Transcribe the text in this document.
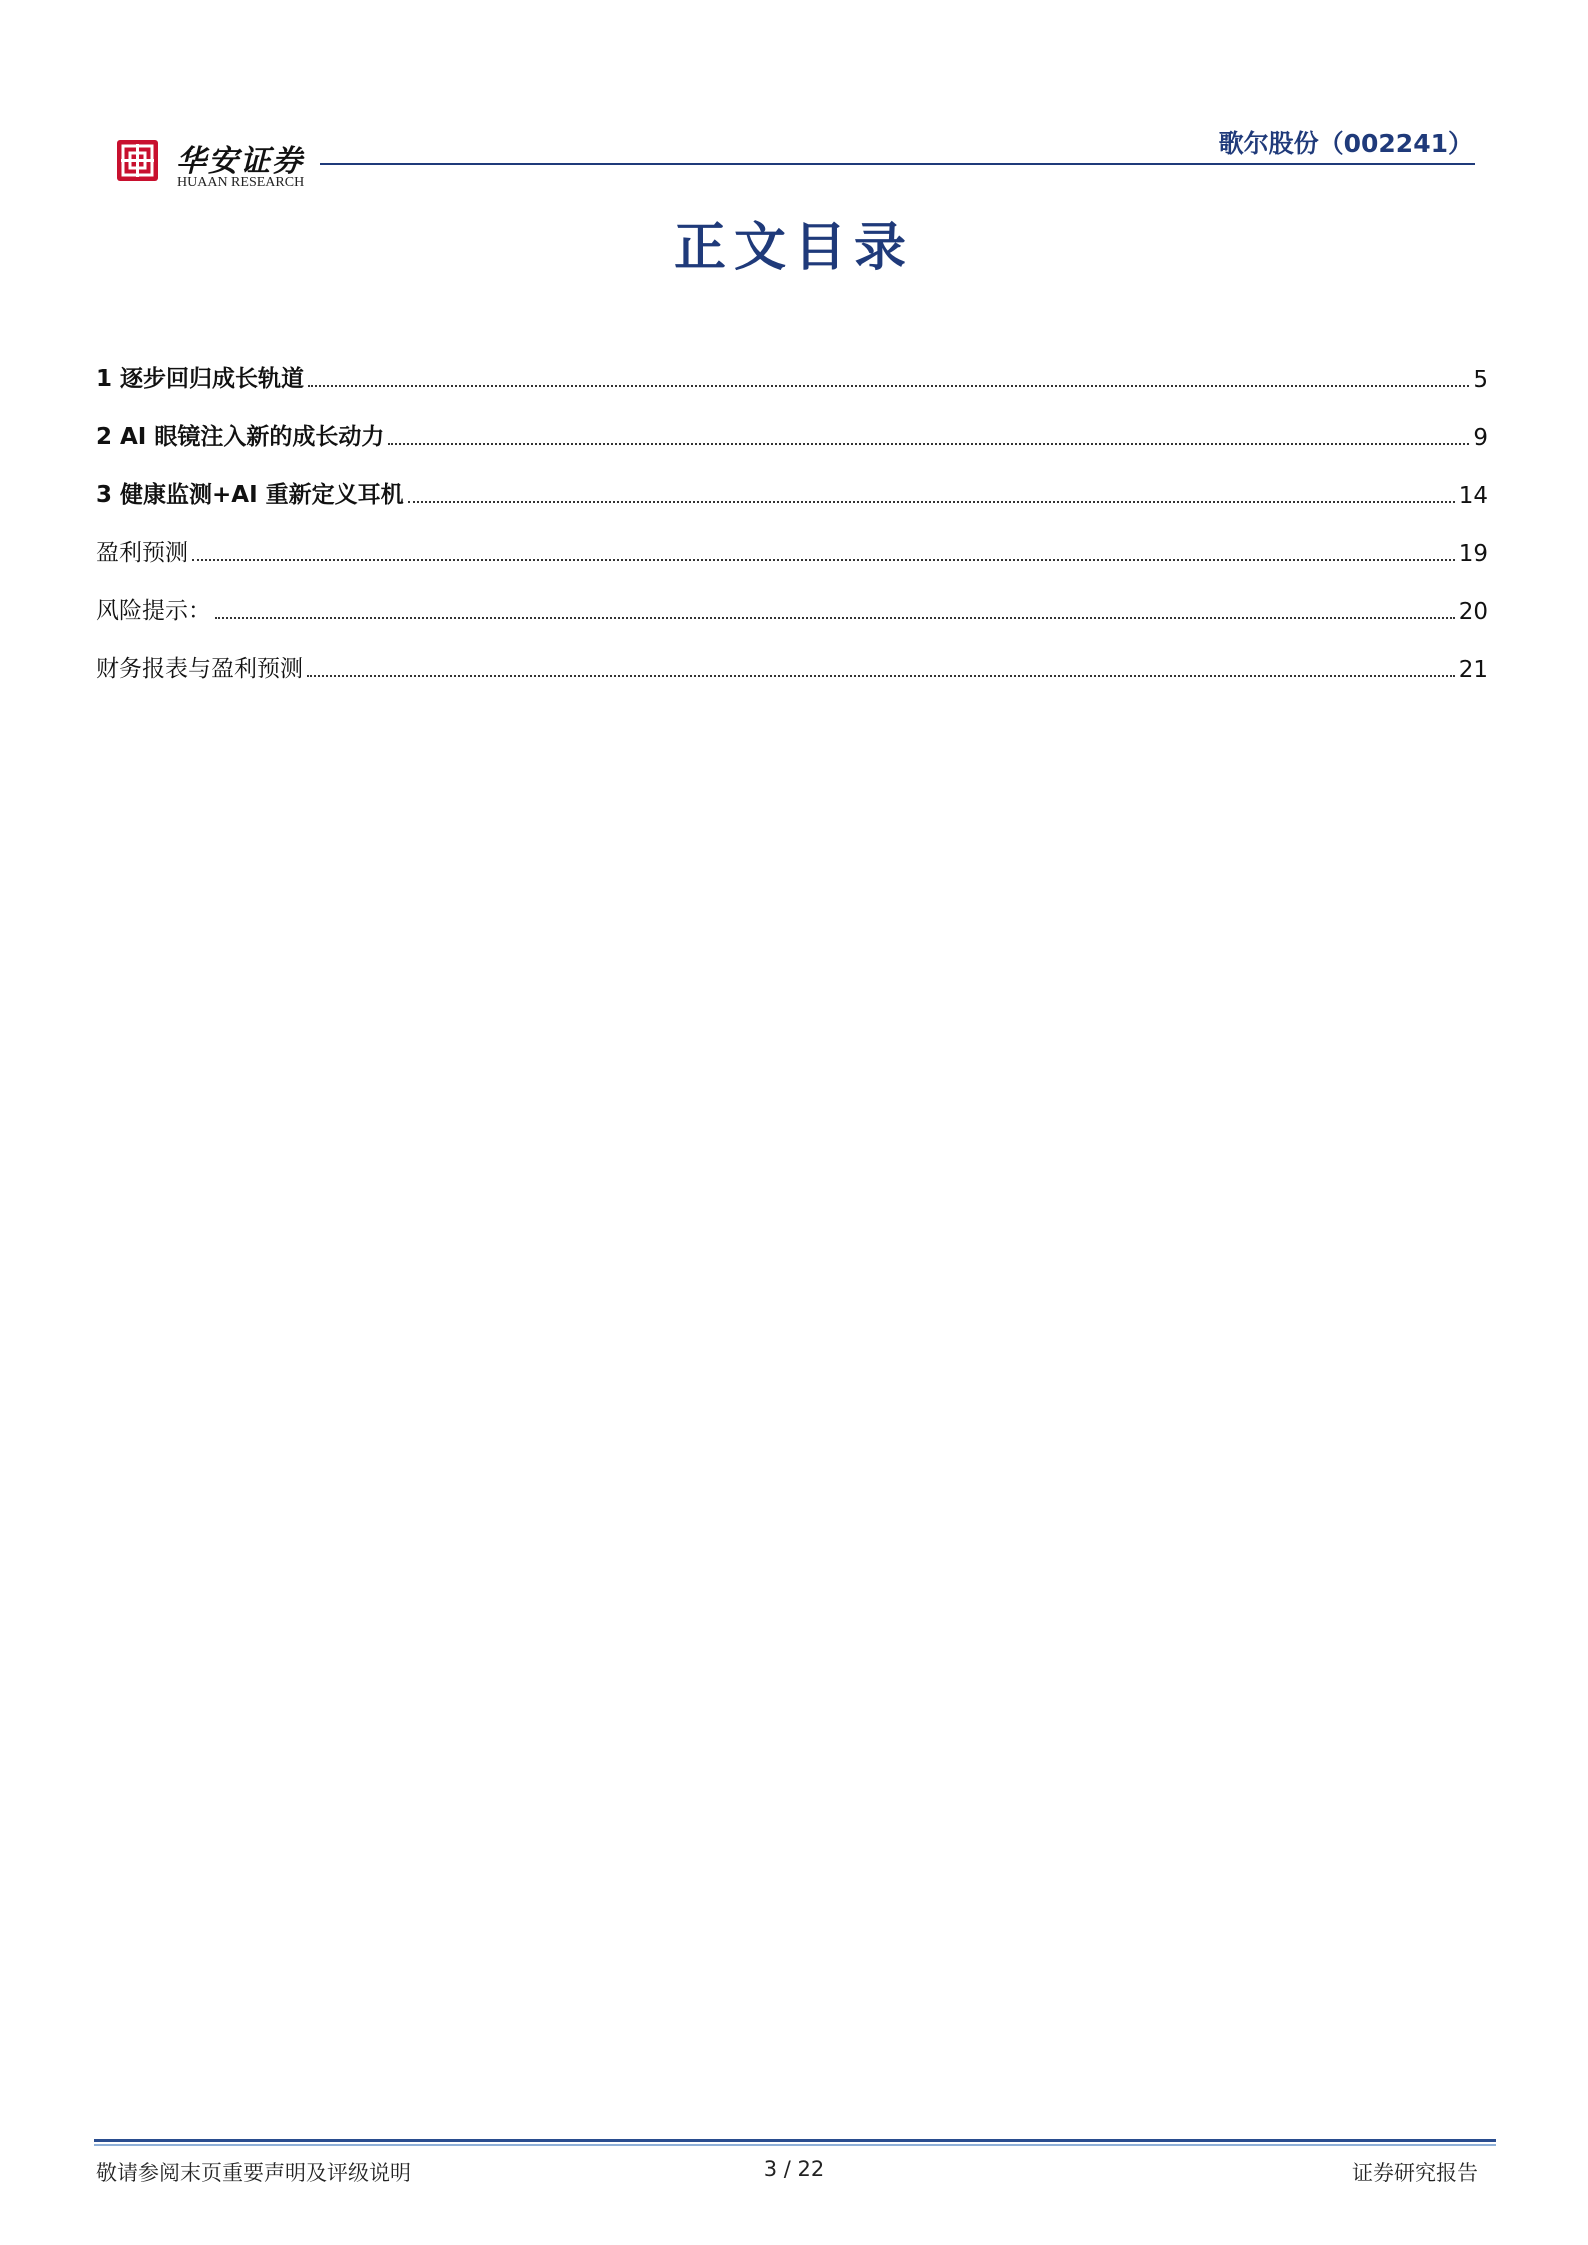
华安证券
HUAAN RESEARCH
歌尔股份（002241）
正文目录
1 逐步回归成长轨道	5
2 AI 眼镜注入新的成长动力	9
3 健康监测+AI 重新定义耳机	14
盈利预测	19
风险提示：	20
财务报表与盈利预测	21
敬请参阅末页重要声明及评级说明	3 / 22	证券研究报告
